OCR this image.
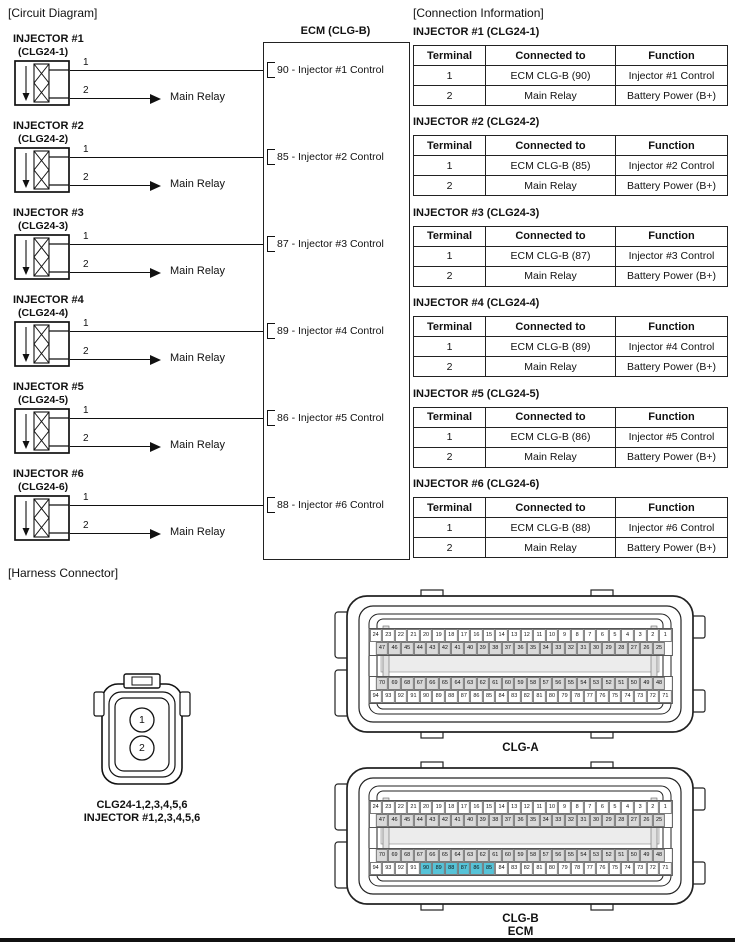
[Circuit Diagram]	[Connection Information]
[Harness Connector]
ECM (CLG-B)
INJECTOR #1
(CLG24-1)
1
2
Main Relay
90 - Injector #1 Control
INJECTOR #2
(CLG24-2)
1
2
Main Relay
85 - Injector #2 Control
INJECTOR #3
(CLG24-3)
1
2
Main Relay
87 - Injector #3 Control
INJECTOR #4
(CLG24-4)
1
2
Main Relay
89 - Injector #4 Control
INJECTOR #5
(CLG24-5)
1
2
Main Relay
86 - Injector #5 Control
INJECTOR #6
(CLG24-6)
1
2
Main Relay
88 - Injector #6 Control
INJECTOR #1 (CLG24-1)
Terminal	Connected to	Function
1	ECM CLG-B (90)	Injector #1 Control
2	Main Relay	Battery Power (B+)
INJECTOR #2 (CLG24-2)
Terminal	Connected to	Function
1	ECM CLG-B (85)	Injector #2 Control
2	Main Relay	Battery Power (B+)
INJECTOR #3 (CLG24-3)
Terminal	Connected to	Function
1	ECM CLG-B (87)	Injector #3 Control
2	Main Relay	Battery Power (B+)
INJECTOR #4 (CLG24-4)
Terminal	Connected to	Function
1	ECM CLG-B (89)	Injector #4 Control
2	Main Relay	Battery Power (B+)
INJECTOR #5 (CLG24-5)
Terminal	Connected to	Function
1	ECM CLG-B (86)	Injector #5 Control
2	Main Relay	Battery Power (B+)
INJECTOR #6 (CLG24-6)
Terminal	Connected to	Function
1	ECM CLG-B (88)	Injector #6 Control
2	Main Relay	Battery Power (B+)
1
2
CLG24-1,2,3,4,5,6
INJECTOR #1,2,3,4,5,6
24	23	22	21	20	19	18	17	16	15	14	13	12	11	10	9	8	7	6	5	4	3	2	1
47	46	45	44	43	42	41	40	39	38	37	36	35	34	33	32	31	30	29	28	27	26	25
70	69	68	67	66	65	64	63	62	61	60	59	58	57	56	55	54	53	52	51	50	49	48
94	93	92	91	90	89	88	87	86	85	84	83	82	81	80	79	78	77	76	75	74	73	72	71
CLG-A
24	23	22	21	20	19	18	17	16	15	14	13	12	11	10	9	8	7	6	5	4	3	2	1
47	46	45	44	43	42	41	40	39	38	37	36	35	34	33	32	31	30	29	28	27	26	25
70	69	68	67	66	65	64	63	62	61	60	59	58	57	56	55	54	53	52	51	50	49	48
94	93	92	91	90	89	88	87	86	85	84	83	82	81	80	79	78	77	76	75	74	73	72	71
CLG-B
ECM
